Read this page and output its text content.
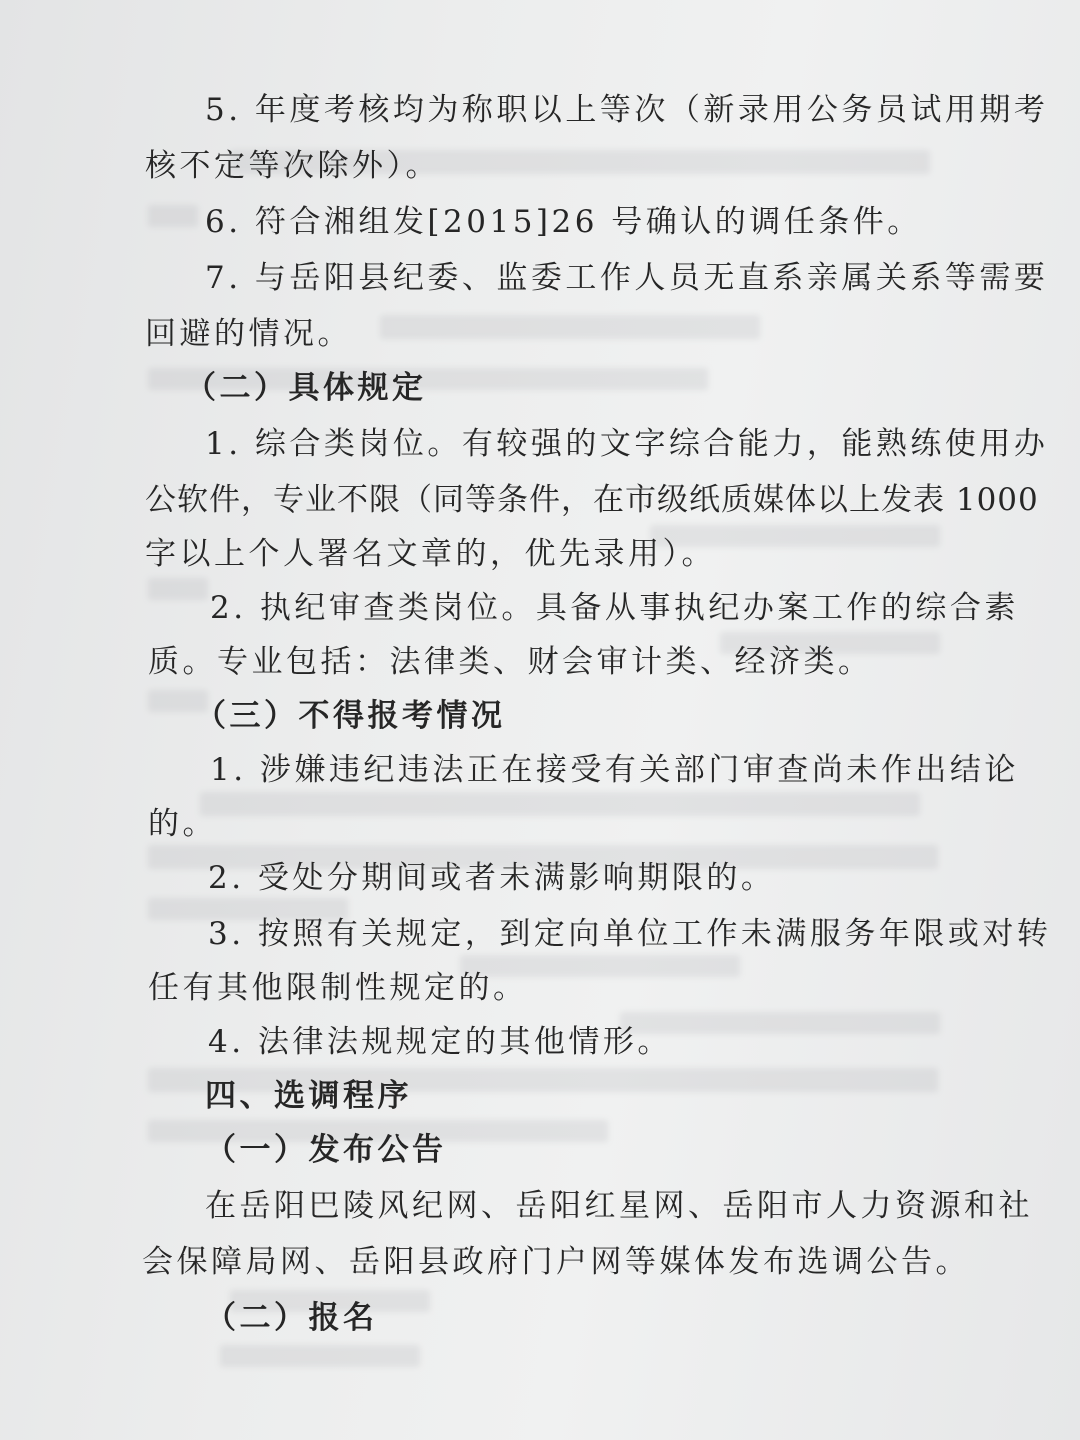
5. 年度考核均为称职以上等次（新录用公务员试用期考
核不定等次除外）。
6. 符合湘组发[2015]26 号确认的调任条件。
7. 与岳阳县纪委、监委工作人员无直系亲属关系等需要
回避的情况。
（二）具体规定
1. 综合类岗位。有较强的文字综合能力，能熟练使用办
公软件，专业不限（同等条件，在市级纸质媒体以上发表 1000
字以上个人署名文章的，优先录用）。
2. 执纪审查类岗位。具备从事执纪办案工作的综合素
质。专业包括：法律类、财会审计类、经济类。
（三）不得报考情况
1. 涉嫌违纪违法正在接受有关部门审查尚未作出结论
的。
2. 受处分期间或者未满影响期限的。
3. 按照有关规定，到定向单位工作未满服务年限或对转
任有其他限制性规定的。
4. 法律法规规定的其他情形。
四、选调程序
（一）发布公告
在岳阳巴陵风纪网、岳阳红星网、岳阳市人力资源和社
会保障局网、岳阳县政府门户网等媒体发布选调公告。
（二）报名
